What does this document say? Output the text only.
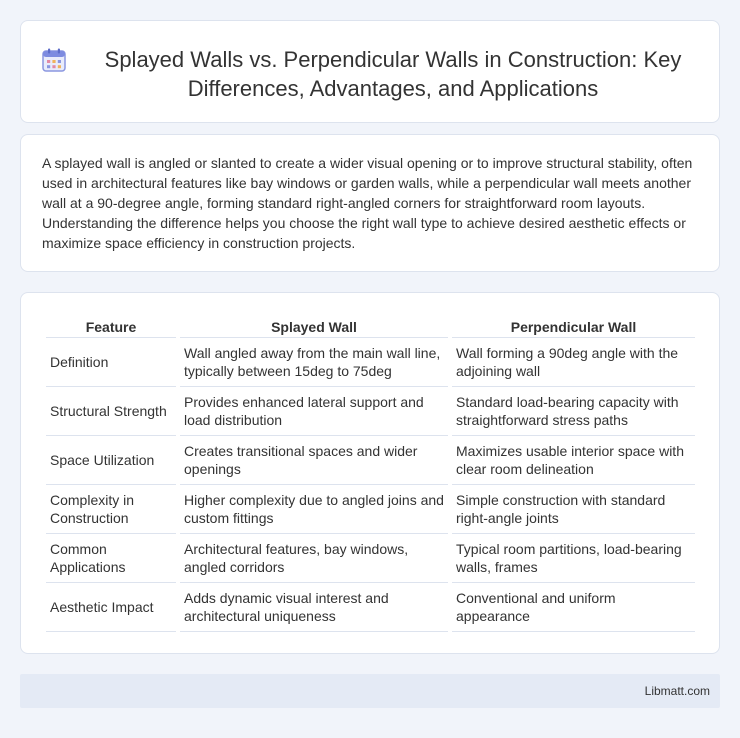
Splayed Walls vs. Perpendicular Walls in Construction: Key Differences, Advantages, and Applications

A splayed wall is angled or slanted to create a wider visual opening or to improve structural stability, often used in architectural features like bay windows or garden walls, while a perpendicular wall meets another wall at a 90-degree angle, forming standard right-angled corners for straightforward room layouts. Understanding the difference helps you choose the right wall type to achieve desired aesthetic effects or maximize space efficiency in construction projects.

Feature	Splayed Wall	Perpendicular Wall
Definition	Wall angled away from the main wall line, typically between 15deg to 75deg	Wall forming a 90deg angle with the adjoining wall
Structural Strength	Provides enhanced lateral support and load distribution	Standard load-bearing capacity with straightforward stress paths
Space Utilization	Creates transitional spaces and wider openings	Maximizes usable interior space with clear room delineation
Complexity in Construction	Higher complexity due to angled joins and custom fittings	Simple construction with standard right-angle joints
Common Applications	Architectural features, bay windows, angled corridors	Typical room partitions, load-bearing walls, frames
Aesthetic Impact	Adds dynamic visual interest and architectural uniqueness	Conventional and uniform appearance
Libmatt.com
